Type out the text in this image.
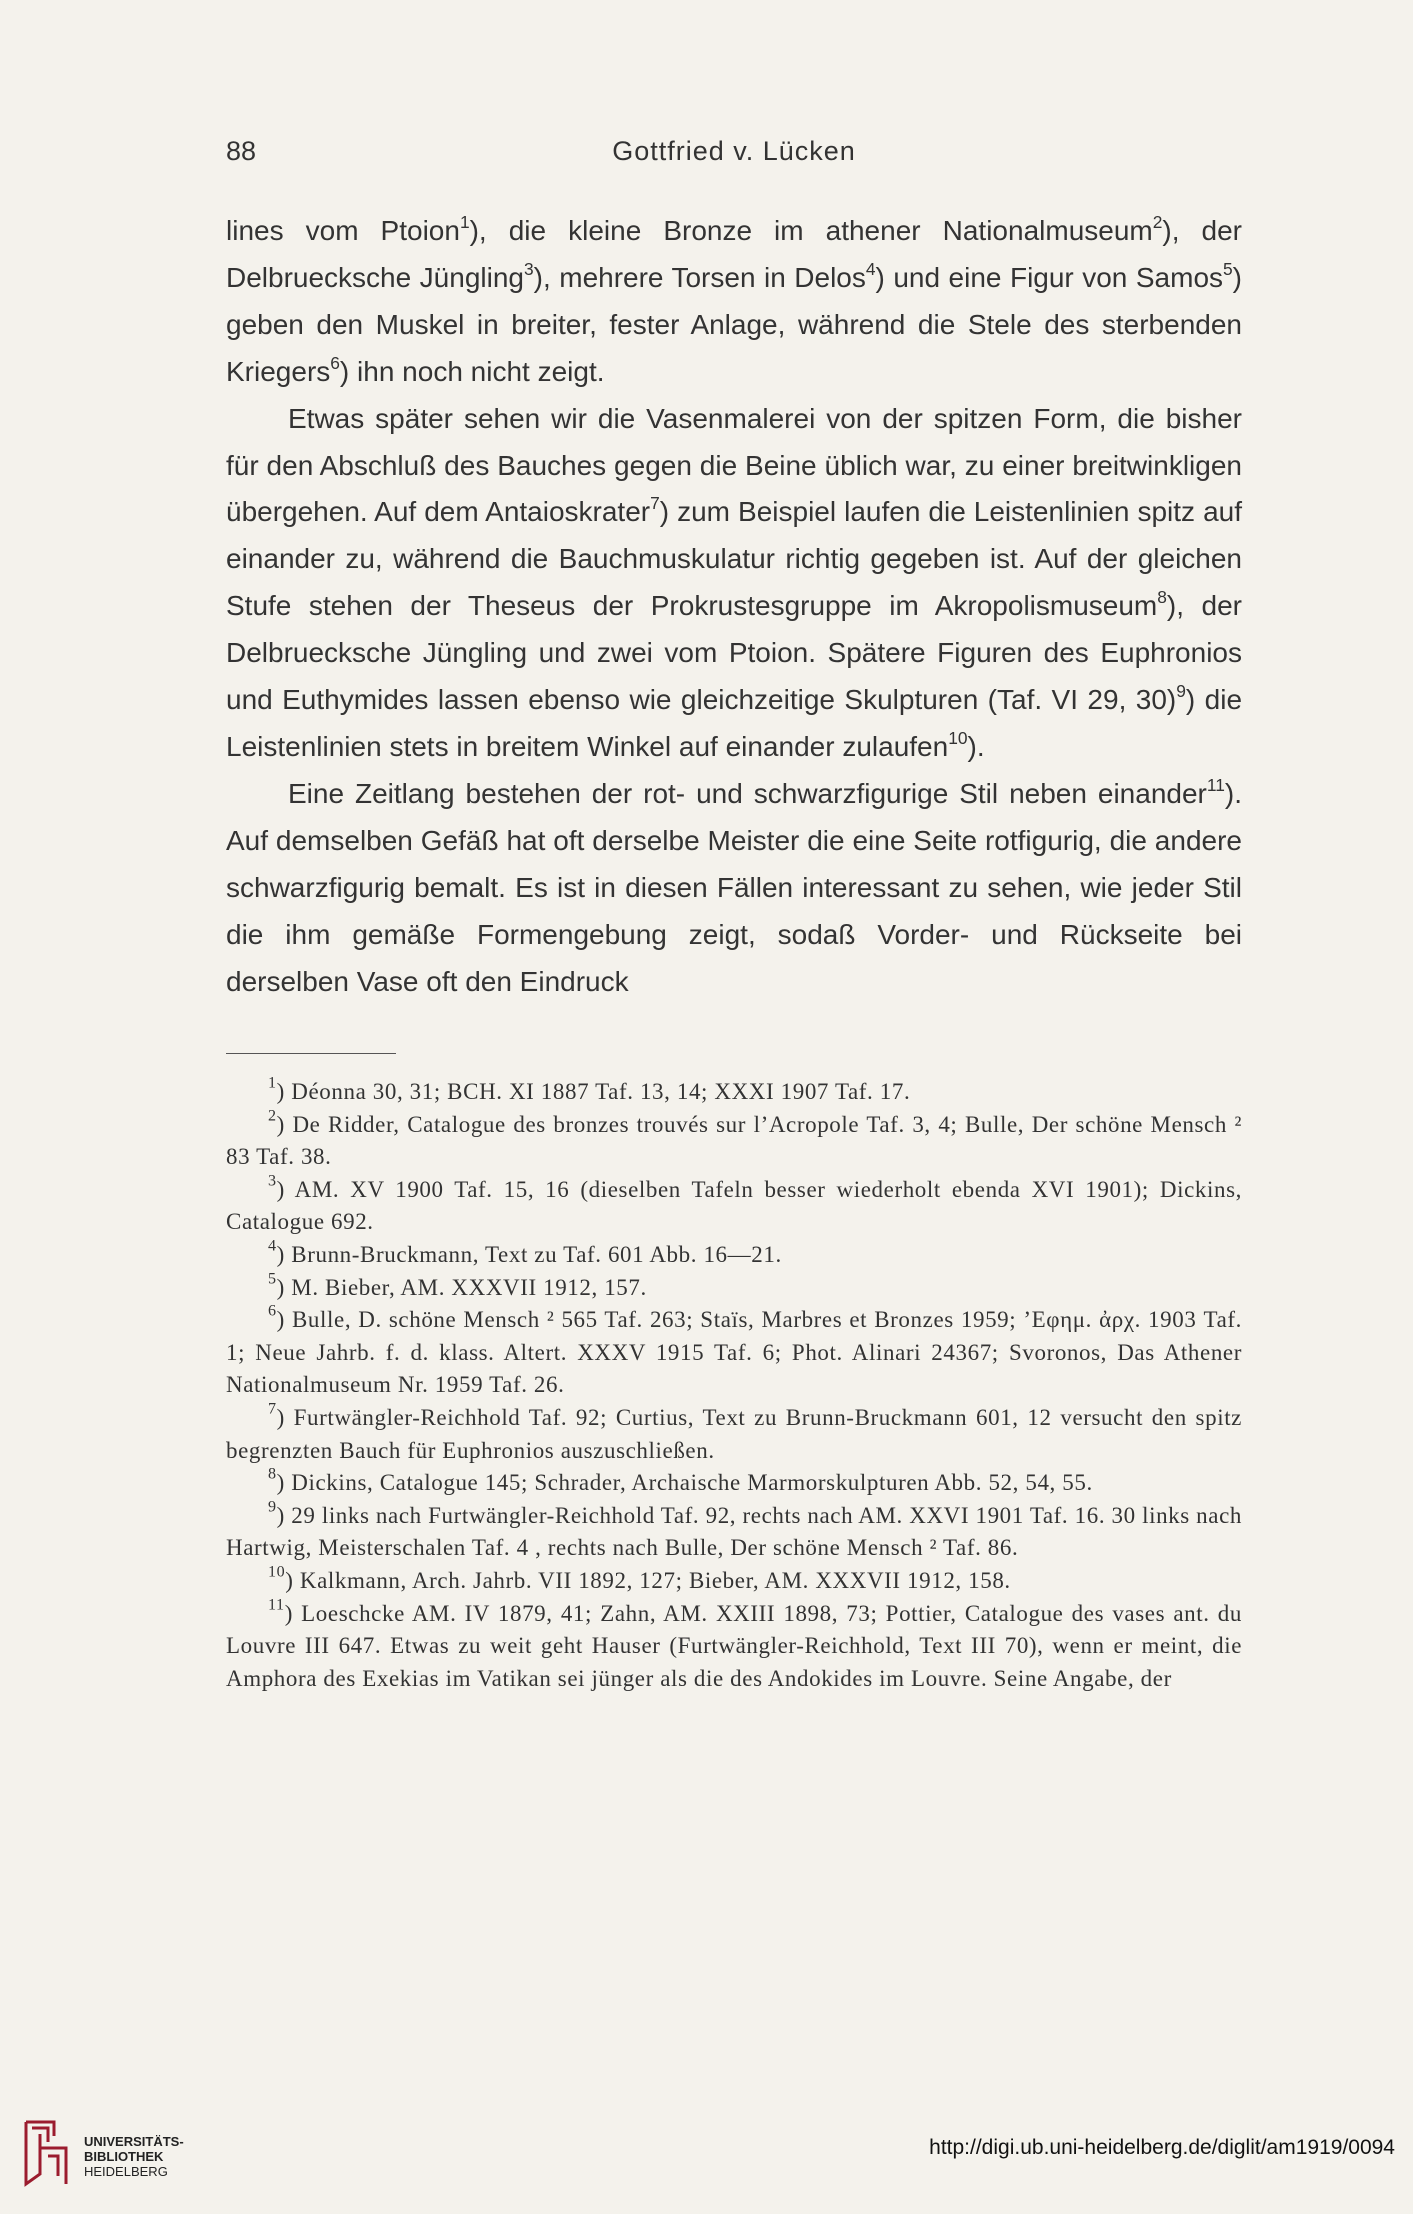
88	Gottfried v. Lücken

lines vom Ptoion$^1$), die kleine Bronze im athener Nationalmuseum$^2$), der Delbruecksche Jüngling$^3$), mehrere Torsen in Delos$^4$) und eine Figur von Samos$^5$) geben den Muskel in breiter, fester Anlage, während die Stele des sterbenden Kriegers$^6$) ihn noch nicht zeigt.

Etwas später sehen wir die Vasenmalerei von der spitzen Form, die bisher für den Abschluß des Bauches gegen die Beine üblich war, zu einer breitwinkligen übergehen. Auf dem Antaioskrater$^7$) zum Beispiel laufen die Leistenlinien spitz auf einander zu, während die Bauchmuskulatur richtig gegeben ist. Auf der gleichen Stufe stehen der Theseus der Prokrustesgruppe im Akropolismuseum$^8$), der Delbruecksche Jüngling und zwei vom Ptoion. Spätere Figuren des Euphronios und Euthymides lassen ebenso wie gleichzeitige Skulpturen (Taf. VI 29, 30)$^9$) die Leistenlinien stets in breitem Winkel auf einander zulaufen$^{10}$).

Eine Zeitlang bestehen der rot- und schwarzfigurige Stil neben einander$^{11}$). Auf demselben Gefäß hat oft derselbe Meister die eine Seite rotfigurig, die andere schwarzfigurig bemalt. Es ist in diesen Fällen interessant zu sehen, wie jeder Stil die ihm gemäße Formengebung zeigt, sodaß Vorder- und Rückseite bei derselben Vase oft den Eindruck

$^1$) Déonna 30, 31; BCH. XI 1887 Taf. 13, 14; XXXI 1907 Taf. 17.

$^2$) De Ridder, Catalogue des bronzes trouvés sur l’Acropole Taf. 3, 4; Bulle, Der schöne Mensch ² 83 Taf. 38.

$^3$) AM. XV 1900 Taf. 15, 16 (dieselben Tafeln besser wiederholt ebenda XVI 1901); Dickins, Catalogue 692.

$^4$) Brunn-Bruckmann, Text zu Taf. 601 Abb. 16—21.

$^5$) M. Bieber, AM. XXXVII 1912, 157.

$^6$) Bulle, D. schöne Mensch ² 565 Taf. 263; Staïs, Marbres et Bronzes 1959; ’Εφημ. ἀρχ. 1903 Taf. 1; Neue Jahrb. f. d. klass. Altert. XXXV 1915 Taf. 6; Phot. Alinari 24367; Svoronos, Das Athener Nationalmuseum Nr. 1959 Taf. 26.

$^7$) Furtwängler-Reichhold Taf. 92; Curtius, Text zu Brunn-Bruckmann 601, 12 versucht den spitz begrenzten Bauch für Euphronios auszuschließen.

$^8$) Dickins, Catalogue 145; Schrader, Archaische Marmorskulpturen Abb. 52, 54, 55.

$^9$) 29 links nach Furtwängler-Reichhold Taf. 92, rechts nach AM. XXVI 1901 Taf. 16. 30 links nach Hartwig, Meisterschalen Taf. 4 , rechts nach Bulle, Der schöne Mensch ² Taf. 86.

$^{10}$) Kalkmann, Arch. Jahrb. VII 1892, 127; Bieber, AM. XXXVII 1912, 158.

$^{11}$) Loeschcke AM. IV 1879, 41; Zahn, AM. XXIII 1898, 73; Pottier, Catalogue des vases ant. du Louvre III 647. Etwas zu weit geht Hauser (Furtwängler-Reichhold, Text III 70), wenn er meint, die Amphora des Exekias im Vatikan sei jünger als die des Andokides im Louvre. Seine Angabe, der

UNIVERSITÄTS-
BIBLIOTHEK
HEIDELBERG
http://digi.ub.uni-heidelberg.de/diglit/am1919/0094
